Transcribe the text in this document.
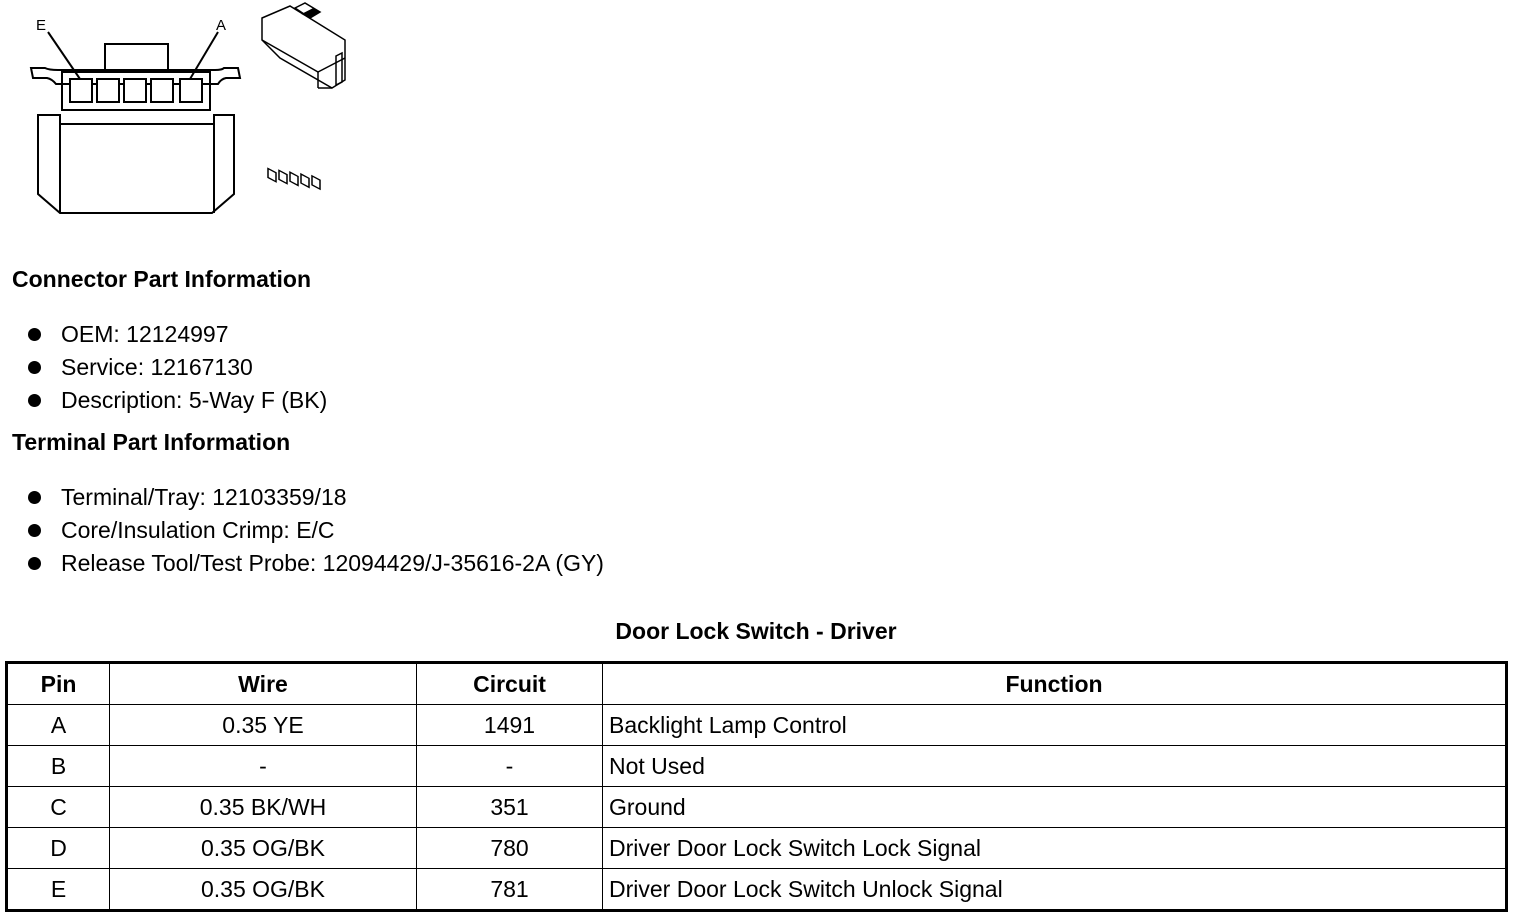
E	A
Connector Part Information
OEM: 12124997
Service: 12167130
Description: 5-Way F (BK)
Terminal Part Information
Terminal/Tray: 12103359/18
Core/Insulation Crimp: E/C
Release Tool/Test Probe: 12094429/J-35616-2A (GY)
Door Lock Switch - Driver
Pin	Wire	Circuit	Function
A	0.35 YE	1491	Backlight Lamp Control
B	-	-	Not Used
C	0.35 BK/WH	351	Ground
D	0.35 OG/BK	780	Driver Door Lock Switch Lock Signal
E	0.35 OG/BK	781	Driver Door Lock Switch Unlock Signal
